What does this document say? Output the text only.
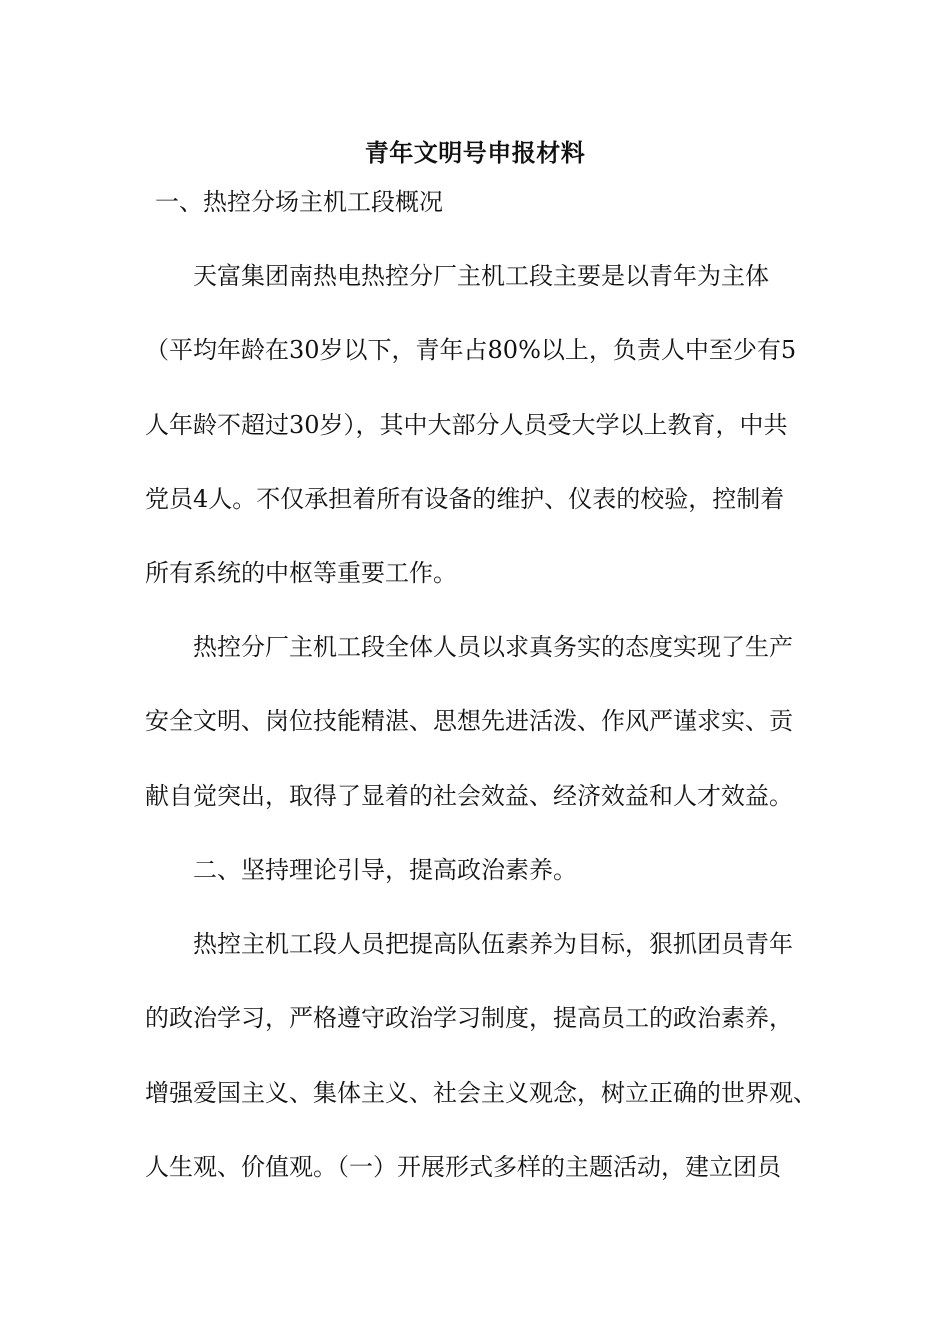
青年文明号申报材料
一、热控分场主机工段概况
天富集团南热电热控分厂主机工段主要是以青年为主体
（平均年龄在30岁以下，青年占80%以上，负责人中至少有5
人年龄不超过30岁），其中大部分人员受大学以上教育，中共
党员4人。不仅承担着所有设备的维护、仪表的校验，控制着
所有系统的中枢等重要工作。
热控分厂主机工段全体人员以求真务实的态度实现了生产
安全文明、岗位技能精湛、思想先进活泼、作风严谨求实、贡
献自觉突出，取得了显着的社会效益、经济效益和人才效益。
二、坚持理论引导，提高政治素养。
热控主机工段人员把提高队伍素养为目标，狠抓团员青年
的政治学习，严格遵守政治学习制度，提高员工的政治素养，
增强爱国主义、集体主义、社会主义观念，树立正确的世界观、
人生观、价值观。（一）开展形式多样的主题活动，建立团员
